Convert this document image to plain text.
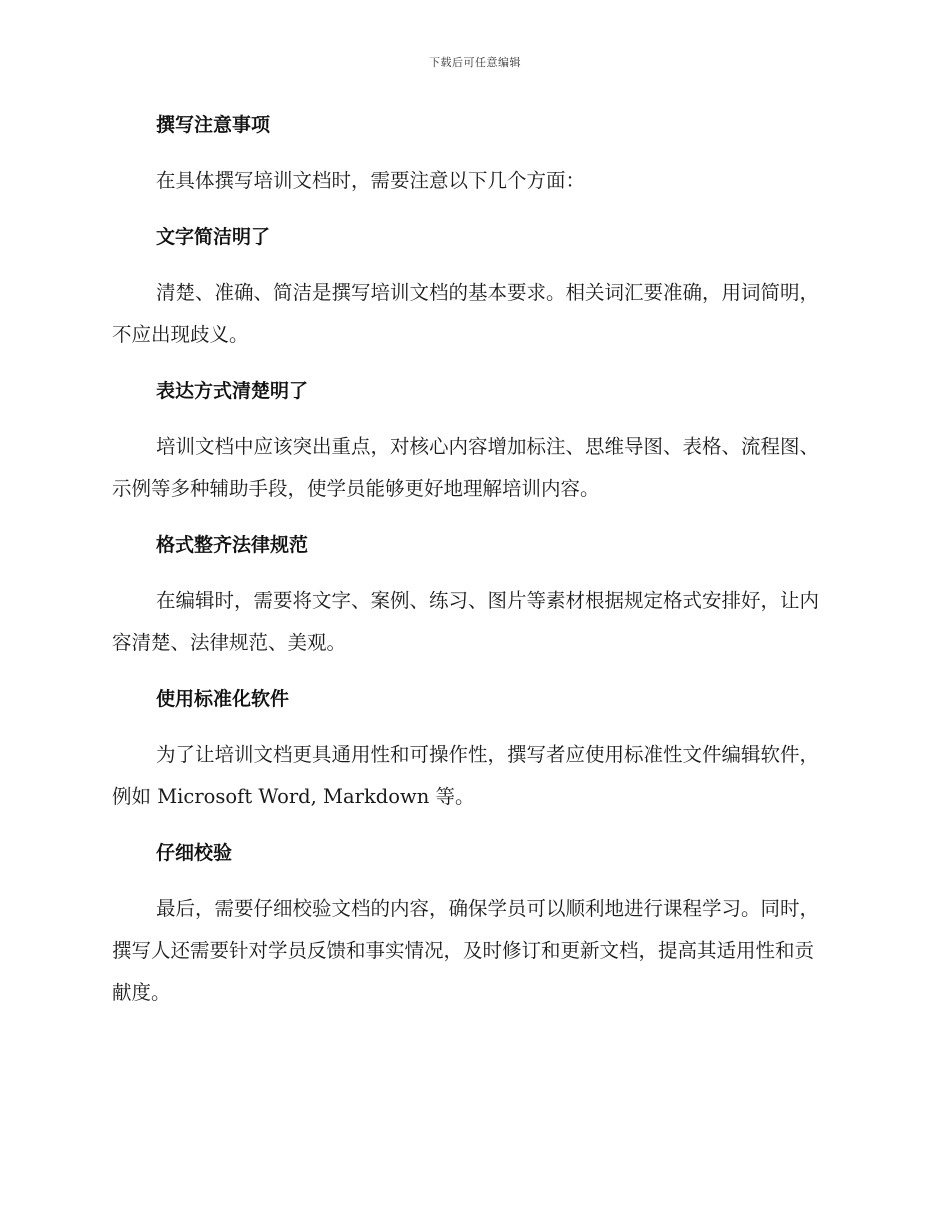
下载后可任意编辑
撰写注意事项

在具体撰写培训文档时，需要注意以下几个方面：

文字简洁明了

清楚、准确、简洁是撰写培训文档的基本要求。相关词汇要准确，用词简明，不应出现歧义。

表达方式清楚明了

培训文档中应该突出重点，对核心内容增加标注、思维导图、表格、流程图、示例等多种辅助手段，使学员能够更好地理解培训内容。

格式整齐法律规范

在编辑时，需要将文字、案例、练习、图片等素材根据规定格式安排好，让内容清楚、法律规范、美观。

使用标准化软件

为了让培训文档更具通用性和可操作性，撰写者应使用标准性文件编辑软件，例如 Microsoft Word, Markdown 等。

仔细校验

最后，需要仔细校验文档的内容，确保学员可以顺利地进行课程学习。同时，撰写人还需要针对学员反馈和事实情况，及时修订和更新文档，提高其适用性和贡献度。
